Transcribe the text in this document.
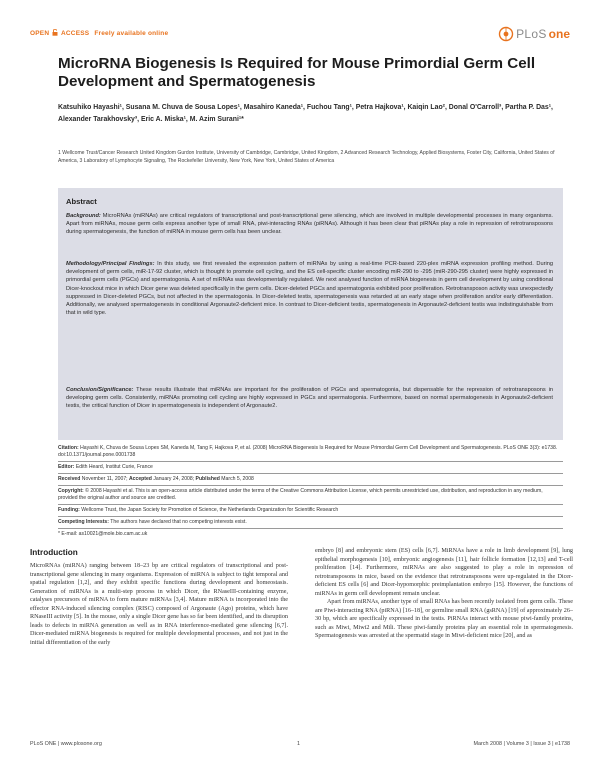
OPEN ACCESS Freely available online	PLoS one
MicroRNA Biogenesis Is Required for Mouse Primordial Germ Cell Development and Spermatogenesis
Katsuhiko Hayashi¹, Susana M. Chuva de Sousa Lopes¹, Masahiro Kaneda¹, Fuchou Tang¹, Petra Hajkova¹, Kaiqin Lao², Donal O'Carroll³, Partha P. Das¹, Alexander Tarakhovsky³, Eric A. Miska¹, M. Azim Surani¹*
1 Wellcome Trust/Cancer Research United Kingdom Gurdon Institute, University of Cambridge, Cambridge, United Kingdom, 2 Advanced Research Technology, Applied Biosystems, Foster City, California, United States of America, 3 Laboratory of Lymphocyte Signaling, The Rockefeller University, New York, New York, United States of America
Abstract
Background: MicroRNAs (miRNAs) are critical regulators of transcriptional and post-transcriptional gene silencing, which are involved in multiple developmental processes in many organisms. Apart from miRNAs, mouse germ cells express another type of small RNA, piwi-interacting RNAs (piRNAs). Although it has been clear that piRNAs play a role in repression of retrotransposons during spermatogenesis, the function of miRNA in mouse germ cells has been unclear.
Methodology/Principal Findings: In this study, we first revealed the expression pattern of miRNAs by using a real-time PCR-based 220-plex miRNA expression profiling method. During development of germ cells, miR-17-92 cluster, which is thought to promote cell cycling, and the ES cell-specific cluster encoding miR-290 to -295 (miR-290-295 cluster) were highly expressed in primordial germ cells (PGCs) and spermatogonia. A set of miRNAs was developmentally regulated. We next analysed function of miRNA biogenesis in germ cell development by using conditional Dicer-knockout mice in which Dicer gene was deleted specifically in the germ cells. Dicer-deleted PGCs and spermatogonia exhibited poor proliferation. Retrotransposon activity was unexpectedly suppressed in Dicer-deleted PGCs, but not affected in the spermatogonia. In Dicer-deleted testis, spermatogenesis was retarded at an early stage when proliferation and/or early differentiation. Additionally, we analysed spermatogenesis in conditional Argonaute2-deficient mice. In contrast to Dicer-deficient testis, spermatogenesis in Argonaute2-deficient testis was indistinguishable from that in wild type.
Conclusion/Significance: These results illustrate that miRNAs are important for the proliferation of PGCs and spermatogonia, but dispensable for the repression of retrotransposons in developing germ cells. Consistently, miRNAs promoting cell cycling are highly expressed in PGCs and spermatogonia. Furthermore, based on normal spermatogenesis in Argonaute2-deficient testis, the critical function of Dicer in spermatogenesis is independent of Argonaute2.
Citation: Hayashi K, Chuva de Sousa Lopes SM, Kaneda M, Tang F, Hajkova P, et al. (2008) MicroRNA Biogenesis Is Required for Mouse Primordial Germ Cell Development and Spermatogenesis. PLoS ONE 3(3): e1738. doi:10.1371/journal.pone.0001738
Editor: Edith Heard, Institut Curie, France
Received November 11, 2007; Accepted January 24, 2008; Published March 5, 2008
Copyright: © 2008 Hayashi et al. This is an open-access article distributed under the terms of the Creative Commons Attribution License, which permits unrestricted use, distribution, and reproduction in any medium, provided the original author and source are credited.
Funding: Wellcome Trust, the Japan Society for Promotion of Science, the Netherlands Organization for Scientific Research
Competing Interests: The authors have declared that no competing interests exist.
* E-mail: as10021@mole.bio.cam.ac.uk
Introduction

MicroRNAs (miRNA) ranging between 18–23 bp are critical regulators of transcriptional and post-transcriptional gene silencing in many organisms. Expression of miRNA is subject to tight temporal and spatial regulation [1,2], and they exhibit specific functions during development and homeostasis. Generation of miRNAs is a multi-step process in which Dicer, the RNaseIII-containing enzyme, catalyses precursors of miRNA to form mature miRNAs [3,4]. Mature miRNA is incorporated into the effector RNA-induced silencing complex (RISC) composed of Argonaute (Ago) proteins, which have RNaseIII activity [5]. In the mouse, only a single Dicer gene has so far been identified, and its disruption leads to defects in miRNA generation as well as in RNA interference-mediated gene silencing [6,7]. Dicer-mediated miRNA biogenesis is required for multiple developmental processes, and not just in the initial differentiation of the early

embryo [8] and embryonic stem (ES) cells [6,7]. MiRNAs have a role in limb development [9], lung epithelial morphogenesis [10], embryonic angiogenesis [11], hair follicle formation [12,13] and T-cell proliferation [14]. Furthermore, miRNAs are also suggested to play a role in repression of retrotransposons in mice, based on the evidence that retrotransposons were up-regulated in the Dicer-deficient ES cells [6] and Dicer-hypomorphic preimplantation embryo [15]. However, the functions of miRNAs in germ cell development remain unclear.

Apart from miRNAs, another type of small RNAs has been recently isolated from germ cells. These are Piwi-interacting RNA (piRNA) [16–18], or germline small RNA (gsRNA) [19] of approximately 26–30 bp, which are specifically expressed in the testis. PiRNAs interact with mouse piwi-family proteins, such as Miwi, Miwi2 and Mili. These piwi-family proteins play an essential role in spermatogenesis. Spermatogenesis was arrested at the spermatid stage in Miwi-deficient mice [20], and as

PLoS ONE | www.plosone.org	1	March 2008 | Volume 3 | Issue 3 | e1738
